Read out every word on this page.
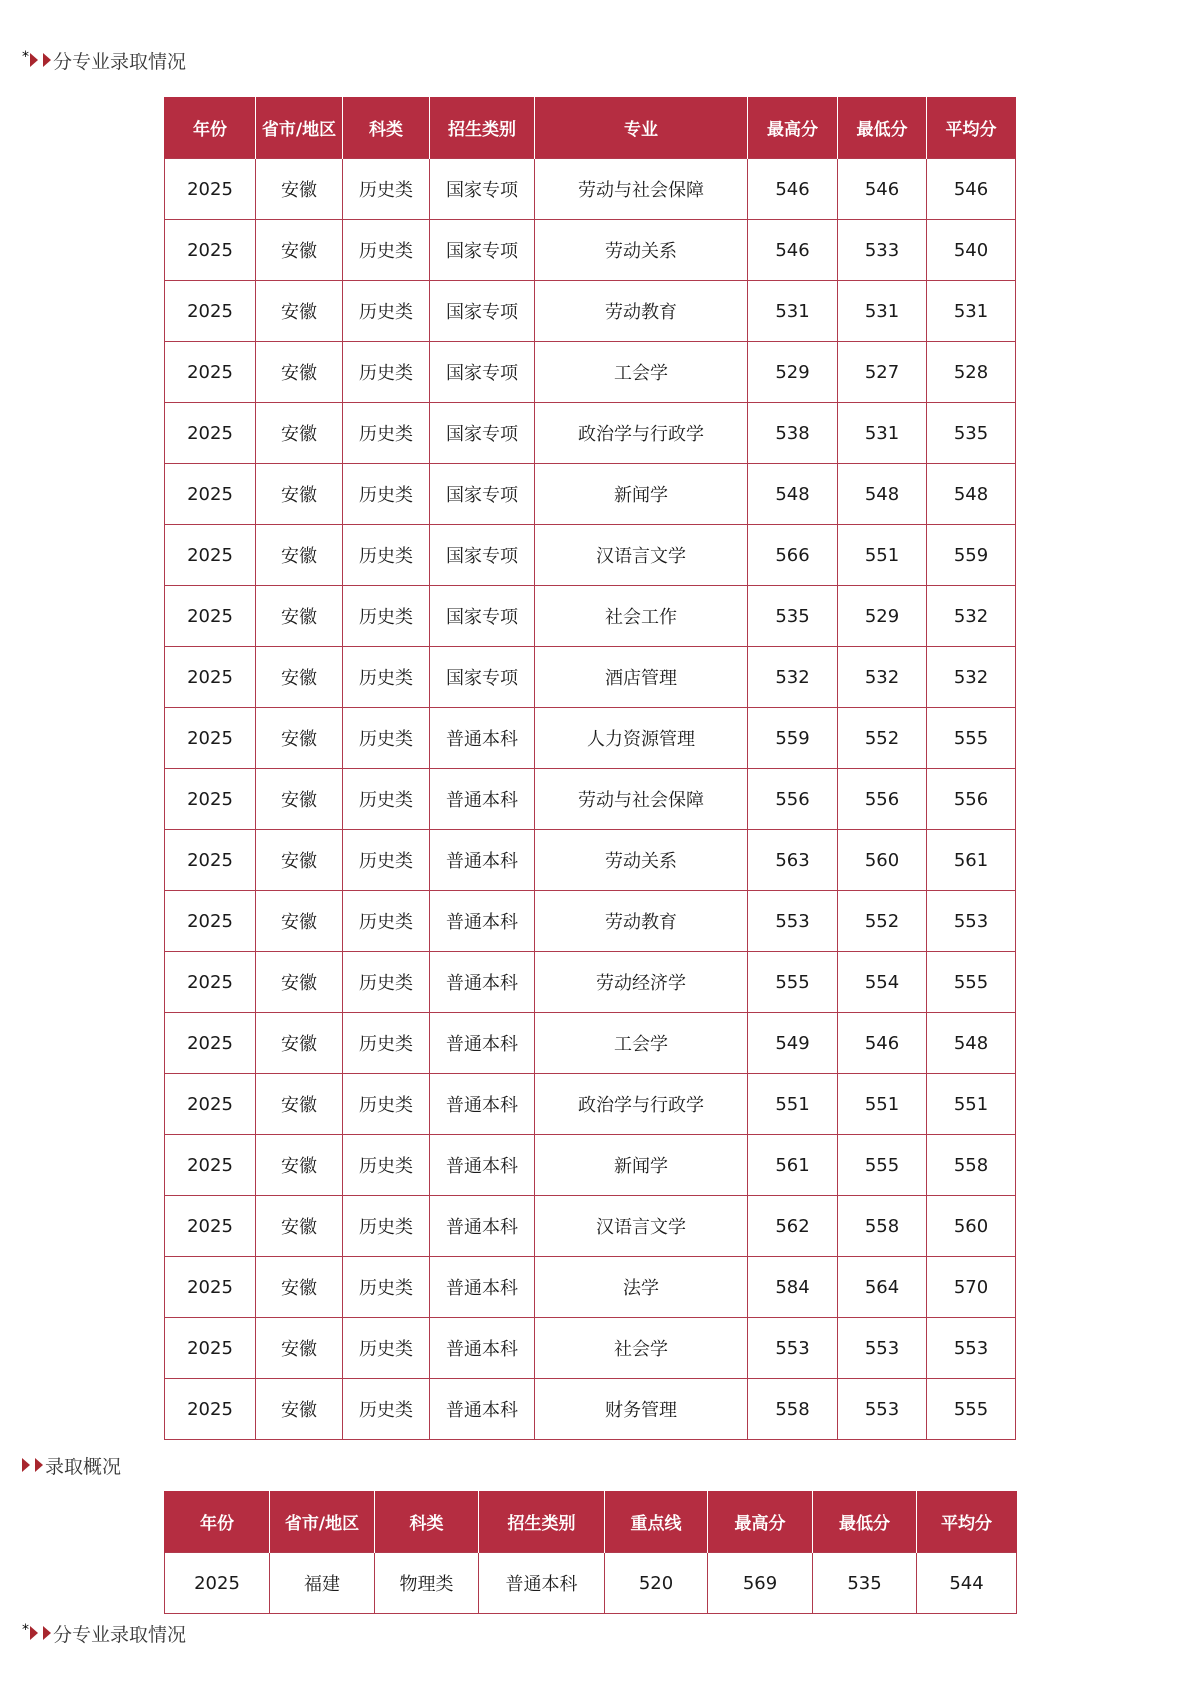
* 分专业录取情况
年份	省市/地区	科类	招生类别	专业	最高分	最低分	平均分
2025	安徽	历史类	国家专项	劳动与社会保障	546	546	546
2025	安徽	历史类	国家专项	劳动关系	546	533	540
2025	安徽	历史类	国家专项	劳动教育	531	531	531
2025	安徽	历史类	国家专项	工会学	529	527	528
2025	安徽	历史类	国家专项	政治学与行政学	538	531	535
2025	安徽	历史类	国家专项	新闻学	548	548	548
2025	安徽	历史类	国家专项	汉语言文学	566	551	559
2025	安徽	历史类	国家专项	社会工作	535	529	532
2025	安徽	历史类	国家专项	酒店管理	532	532	532
2025	安徽	历史类	普通本科	人力资源管理	559	552	555
2025	安徽	历史类	普通本科	劳动与社会保障	556	556	556
2025	安徽	历史类	普通本科	劳动关系	563	560	561
2025	安徽	历史类	普通本科	劳动教育	553	552	553
2025	安徽	历史类	普通本科	劳动经济学	555	554	555
2025	安徽	历史类	普通本科	工会学	549	546	548
2025	安徽	历史类	普通本科	政治学与行政学	551	551	551
2025	安徽	历史类	普通本科	新闻学	561	555	558
2025	安徽	历史类	普通本科	汉语言文学	562	558	560
2025	安徽	历史类	普通本科	法学	584	564	570
2025	安徽	历史类	普通本科	社会学	553	553	553
2025	安徽	历史类	普通本科	财务管理	558	553	555
录取概况
年份	省市/地区	科类	招生类别	重点线	最高分	最低分	平均分
2025	福建	物理类	普通本科	520	569	535	544
* 分专业录取情况
